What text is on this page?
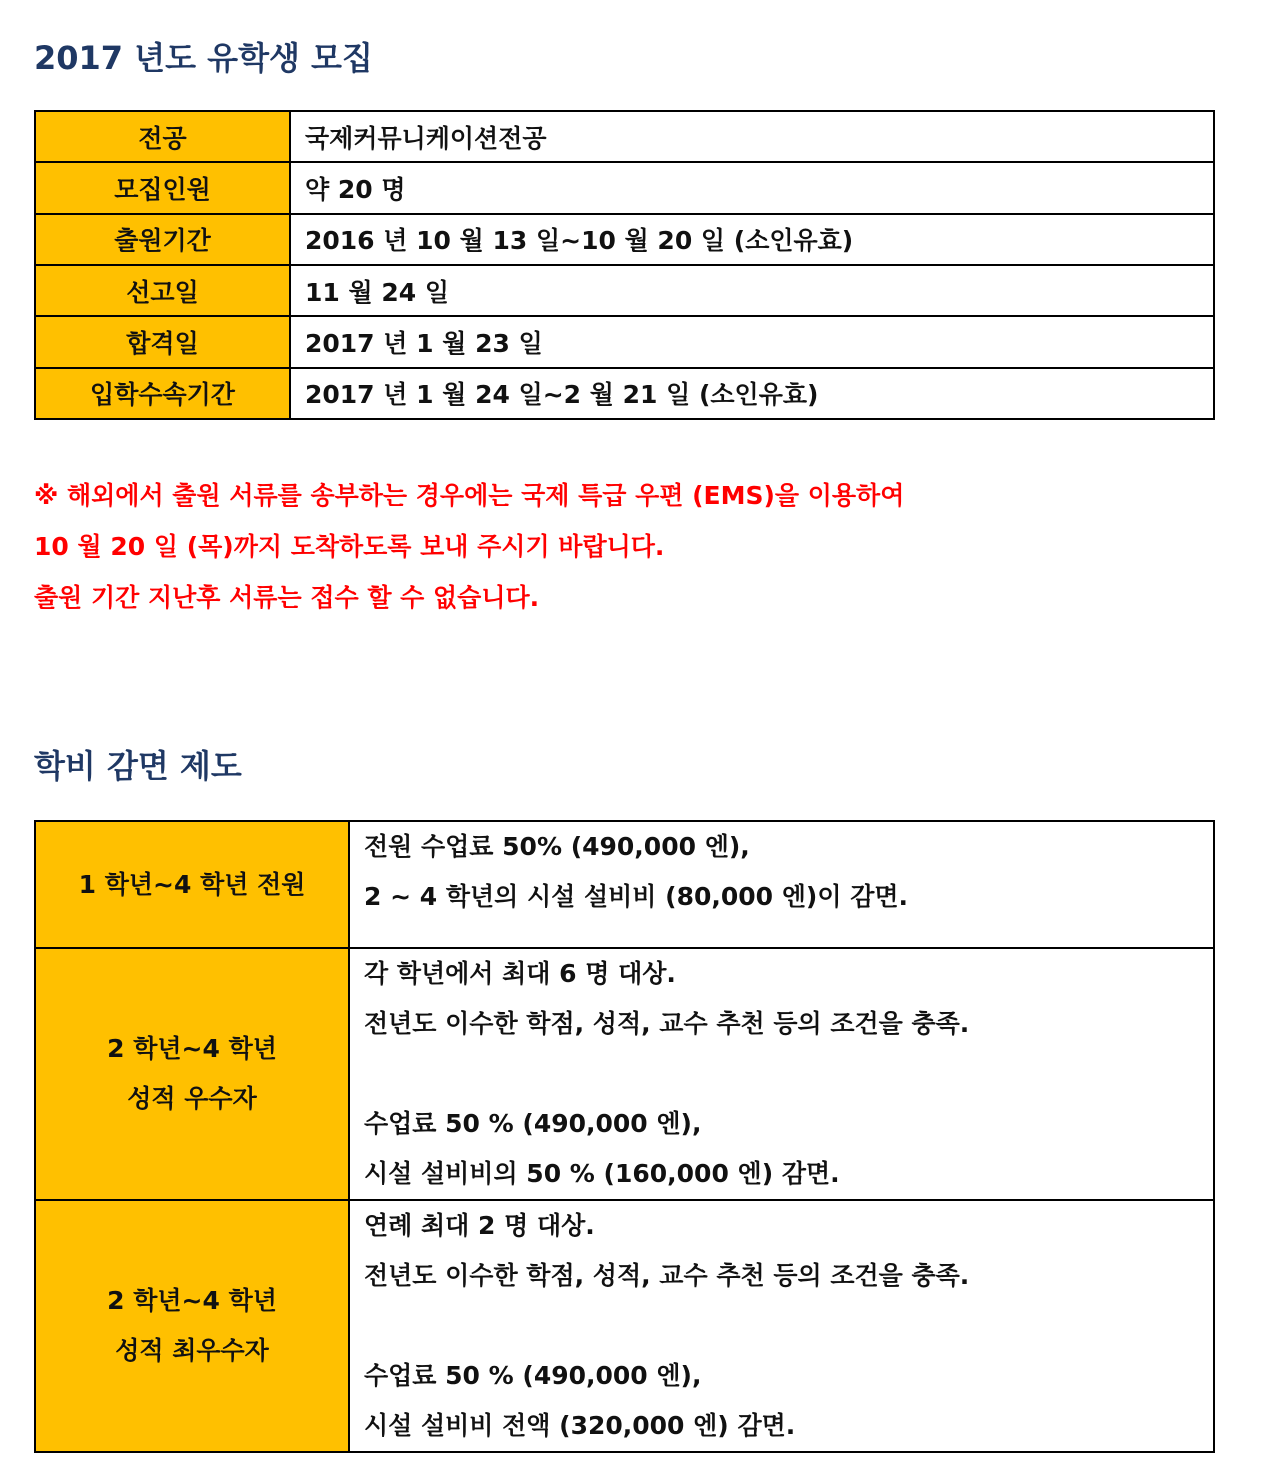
2017 년도 유학생 모집
전공	국제커뮤니케이션전공
모집인원	약 20 명
출원기간	2016 년 10 월 13 일~10 월 20 일 (소인유효)
선고일	11 월 24 일
합격일	2017 년 1 월 23 일
입학수속기간	2017 년 1 월 24 일~2 월 21 일 (소인유효)
※ 해외에서 출원 서류를 송부하는 경우에는 국제 특급 우편 (EMS)을 이용하여
10 월 20 일 (목)까지 도착하도록 보내 주시기 바랍니다.
출원 기간 지난후 서류는 접수 할 수 없습니다.
학비 감면 제도
1 학년~4 학년 전원	전원 수업료 50% (490,000 엔),
2 ~ 4 학년의 시설 설비비 (80,000 엔)이 감면.

2 학년~4 학년
성적 우수자	각 학년에서 최대 6 명 대상.
전년도 이수한 학점, 성적, 교수 추천 등의 조건을 충족.
수업료 50 % (490,000 엔),
시설 설비비의 50 % (160,000 엔) 감면.

2 학년~4 학년
성적 최우수자	연례 최대 2 명 대상.
전년도 이수한 학점, 성적, 교수 추천 등의 조건을 충족.
수업료 50 % (490,000 엔),
시설 설비비 전액 (320,000 엔) 감면.
